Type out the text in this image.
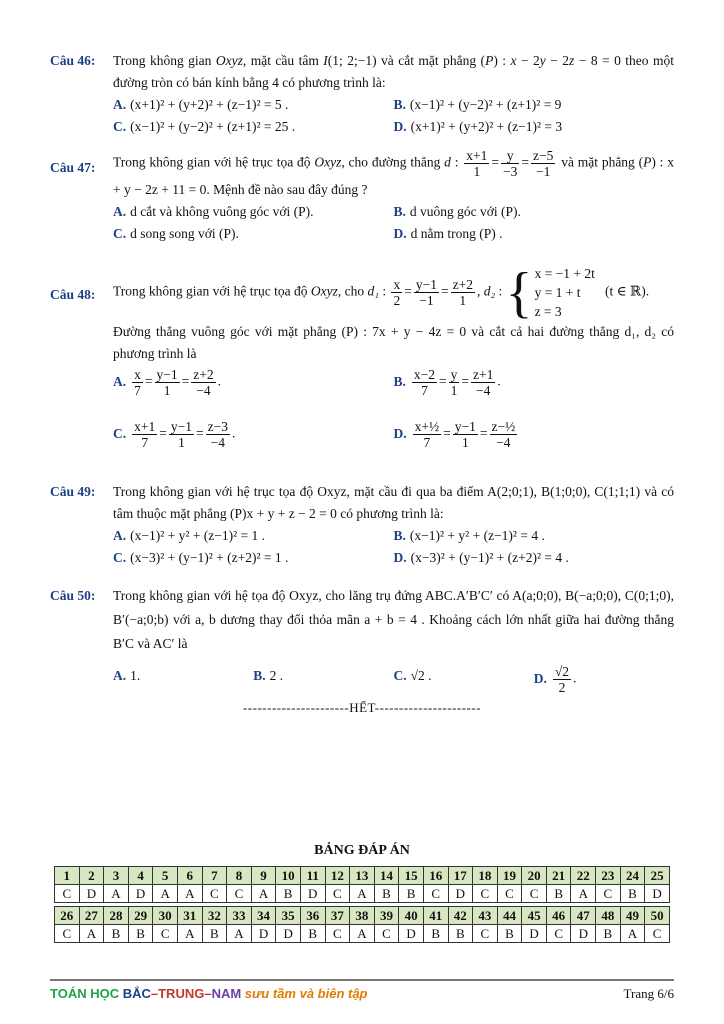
Câu 46:	Trong không gian Oxyz, mặt cầu tâm I(1; 2;−1) và cắt mặt phẳng (P) : x − 2y − 2z − 8 = 0 theo một đường tròn có bán kính bằng 4 có phương trình là:
A. (x+1)² + (y+2)² + (z−1)² = 5 .	B. (x−1)² + (y−2)² + (z+1)² = 9
C. (x−1)² + (y−2)² + (z+1)² = 25 .	D. (x+1)² + (y+2)² + (z−1)² = 3
Câu 47:	Trong không gian với hệ trục tọa độ Oxyz, cho đường thẳng d : $\frac{x+1}{1} = \frac{y}{-3} = \frac{z-5}{-1}$ và mặt phẳng (P) : x + y − 2z + 11 = 0. Mệnh đề nào sau đây đúng ?
A. d cắt và không vuông góc với (P).	B. d vuông góc với (P).
C. d song song với (P).	D. d nằm trong (P) .
Câu 48:	Trong không gian với hệ trục tọa độ Oxyz, cho d₁ : $\frac{x}{2} = \frac{y-1}{-1} = \frac{z+2}{1}$ , d₂ : { x = −1 + 2t
y = 1 + t
z = 3
(t ∈ ℝ).
Đường thẳng vuông góc với mặt phẳng (P) : 7x + y − 4z = 0 và cắt cả hai đường thẳng d₁, d₂ có phương trình là
A. $\frac{x}{7} = \frac{y-1}{1} = \frac{z+2}{-4}$ .	B. $\frac{x-2}{7} = \frac{y}{1} = \frac{z+1}{-4}$ .
C. $\frac{x+1}{7} = \frac{y-1}{1} = \frac{z-3}{-4}$ .	D. $\frac{\text{x+½}}{7} = \frac{y-1}{1} = \frac{\text{z−½}}{-4}$
Câu 49:	Trong không gian với hệ trục tọa độ Oxyz, mặt cầu đi qua ba điểm A(2;0;1), B(1;0;0), C(1;1;1) và có tâm thuộc mặt phẳng (P)x + y + z − 2 = 0 có phương trình là:
A. (x−1)² + y² + (z−1)² = 1 .	B. (x−1)² + y² + (z−1)² = 4 .
C. (x−3)² + (y−1)² + (z+2)² = 1 .	D. (x−3)² + (y−1)² + (z+2)² = 4 .
Câu 50:	Trong không gian với hệ tọa độ Oxyz, cho lăng trụ đứng ABC.A′B′C′ có A(a;0;0), B(−a;0;0), C(0;1;0), B′(−a;0;b) với a, b dương thay đổi thỏa mãn a + b = 4 . Khoảng cách lớn nhất giữa hai đường thẳng B′C và AC′ là
A. 1.	B. 2 .	C. √2 .	D. $\frac{√2}{2}$ .
----------------------HẾT----------------------
BẢNG ĐÁP ÁN
1	2	3	4	5	6	7	8	9	10	11	12	13	14	15	16	17	18	19	20	21	22	23	24	25
C	D	A	D	A	A	C	C	A	B	D	C	A	B	B	C	D	C	C	C	B	A	C	B	D
26	27	28	29	30	31	32	33	34	35	36	37	38	39	40	41	42	43	44	45	46	47	48	49	50
C	A	B	B	C	A	B	A	D	D	B	C	A	C	D	B	B	C	B	D	C	D	B	A	C
TOÁN HỌC BẮC–TRUNG–NAM sưu tầm và biên tập	Trang 6/6
